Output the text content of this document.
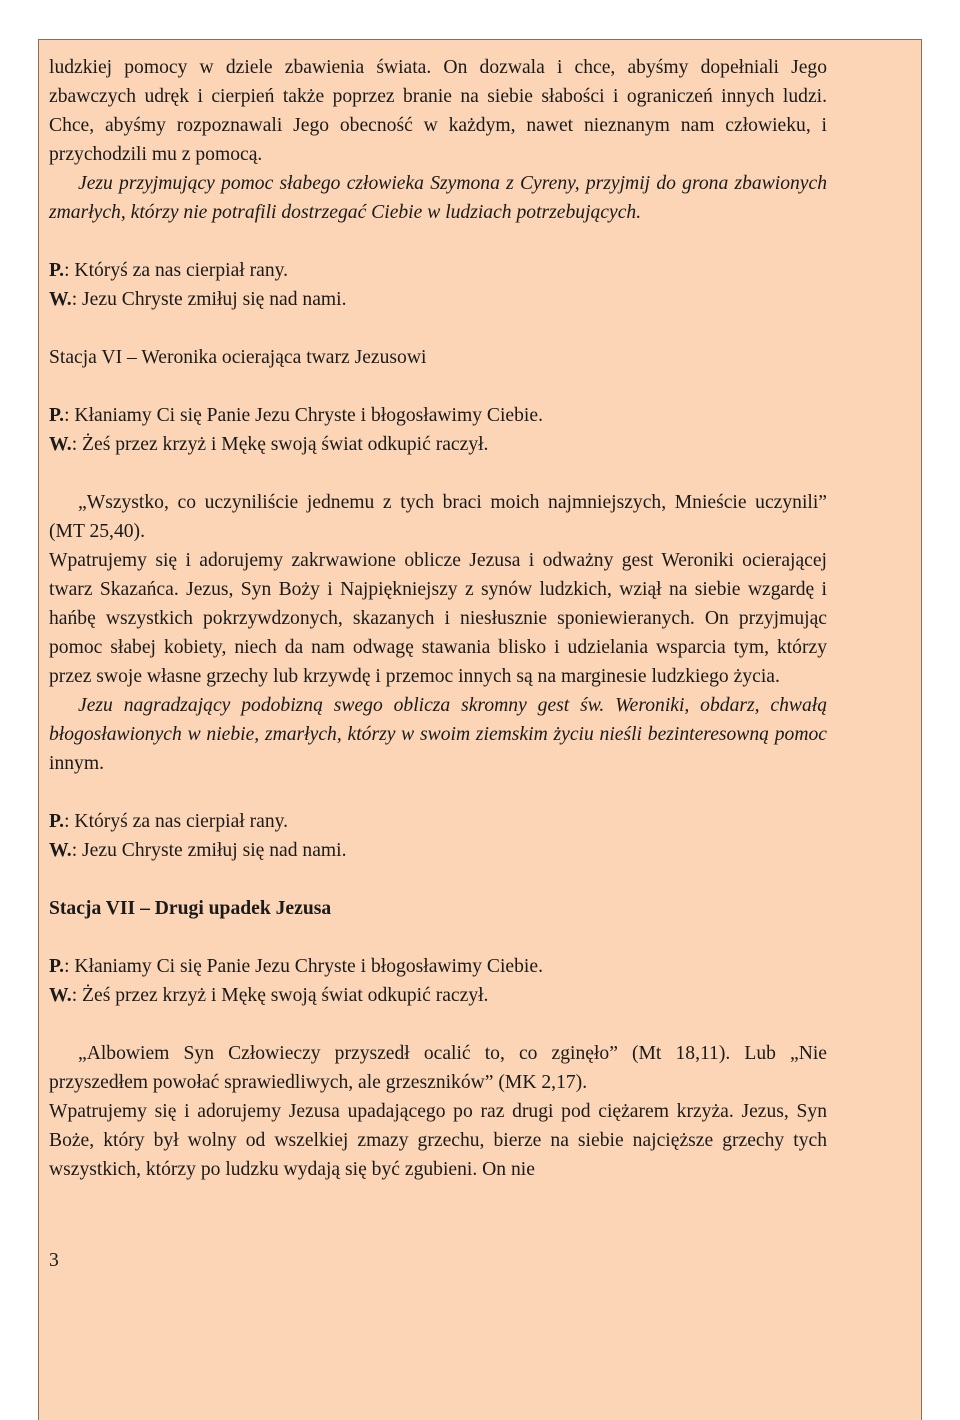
ludzkiej pomocy w dziele zbawienia świata. On dozwala i chce, abyśmy dopełniali Jego zbawczych udręk i cierpień także poprzez branie na siebie słabości i ograniczeń innych ludzi. Chce, abyśmy rozpoznawali Jego obecność w każdym, nawet nieznanym nam człowieku, i przychodzili mu z pomocą.

Jezu przyjmujący pomoc słabego człowieka Szymona z Cyreny, przyjmij do grona zbawionych zmarłych, którzy nie potrafili dostrzegać Ciebie w ludziach potrzebujących.

P.: Któryś za nas cierpiał rany.

W.: Jezu Chryste zmiłuj się nad nami.

Stacja VI – Weronika ocierająca twarz Jezusowi

P.: Kłaniamy Ci się Panie Jezu Chryste i błogosławimy Ciebie.

W.: Żeś przez krzyż i Mękę swoją świat odkupić raczył.

„Wszystko, co uczyniliście jednemu z tych braci moich najmniejszych, Mnieście uczynili” (MT 25,40).

Wpatrujemy się i adorujemy zakrwawione oblicze Jezusa i odważny gest Weroniki ocierającej twarz Skazańca. Jezus, Syn Boży i Najpiękniejszy z synów ludzkich, wziął na siebie wzgardę i hańbę wszystkich pokrzywdzonych, skazanych i niesłusznie sponiewieranych. On przyjmując pomoc słabej kobiety, niech da nam odwagę stawania blisko i udzielania wsparcia tym, którzy przez swoje własne grzechy lub krzywdę i przemoc innych są na marginesie ludzkiego życia.

Jezu nagradzający podobizną swego oblicza skromny gest św. Weroniki, obdarz, chwałą błogosławionych w niebie, zmarłych, którzy w swoim ziemskim życiu nieśli bezinteresowną pomoc innym.

P.: Któryś za nas cierpiał rany.

W.: Jezu Chryste zmiłuj się nad nami.

Stacja VII – Drugi upadek Jezusa

P.: Kłaniamy Ci się Panie Jezu Chryste i błogosławimy Ciebie.

W.: Żeś przez krzyż i Mękę swoją świat odkupić raczył.

„Albowiem Syn Człowieczy przyszedł ocalić to, co zginęło” (Mt 18,11). Lub „Nie przyszedłem powołać sprawiedliwych, ale grzeszników” (MK 2,17).

Wpatrujemy się i adorujemy Jezusa upadającego po raz drugi pod ciężarem krzyża. Jezus, Syn Boże, który był wolny od wszelkiej zmazy grzechu, bierze na siebie najcięższe grzechy tych wszystkich, którzy po ludzku wydają się być zgubieni. On nie

3
